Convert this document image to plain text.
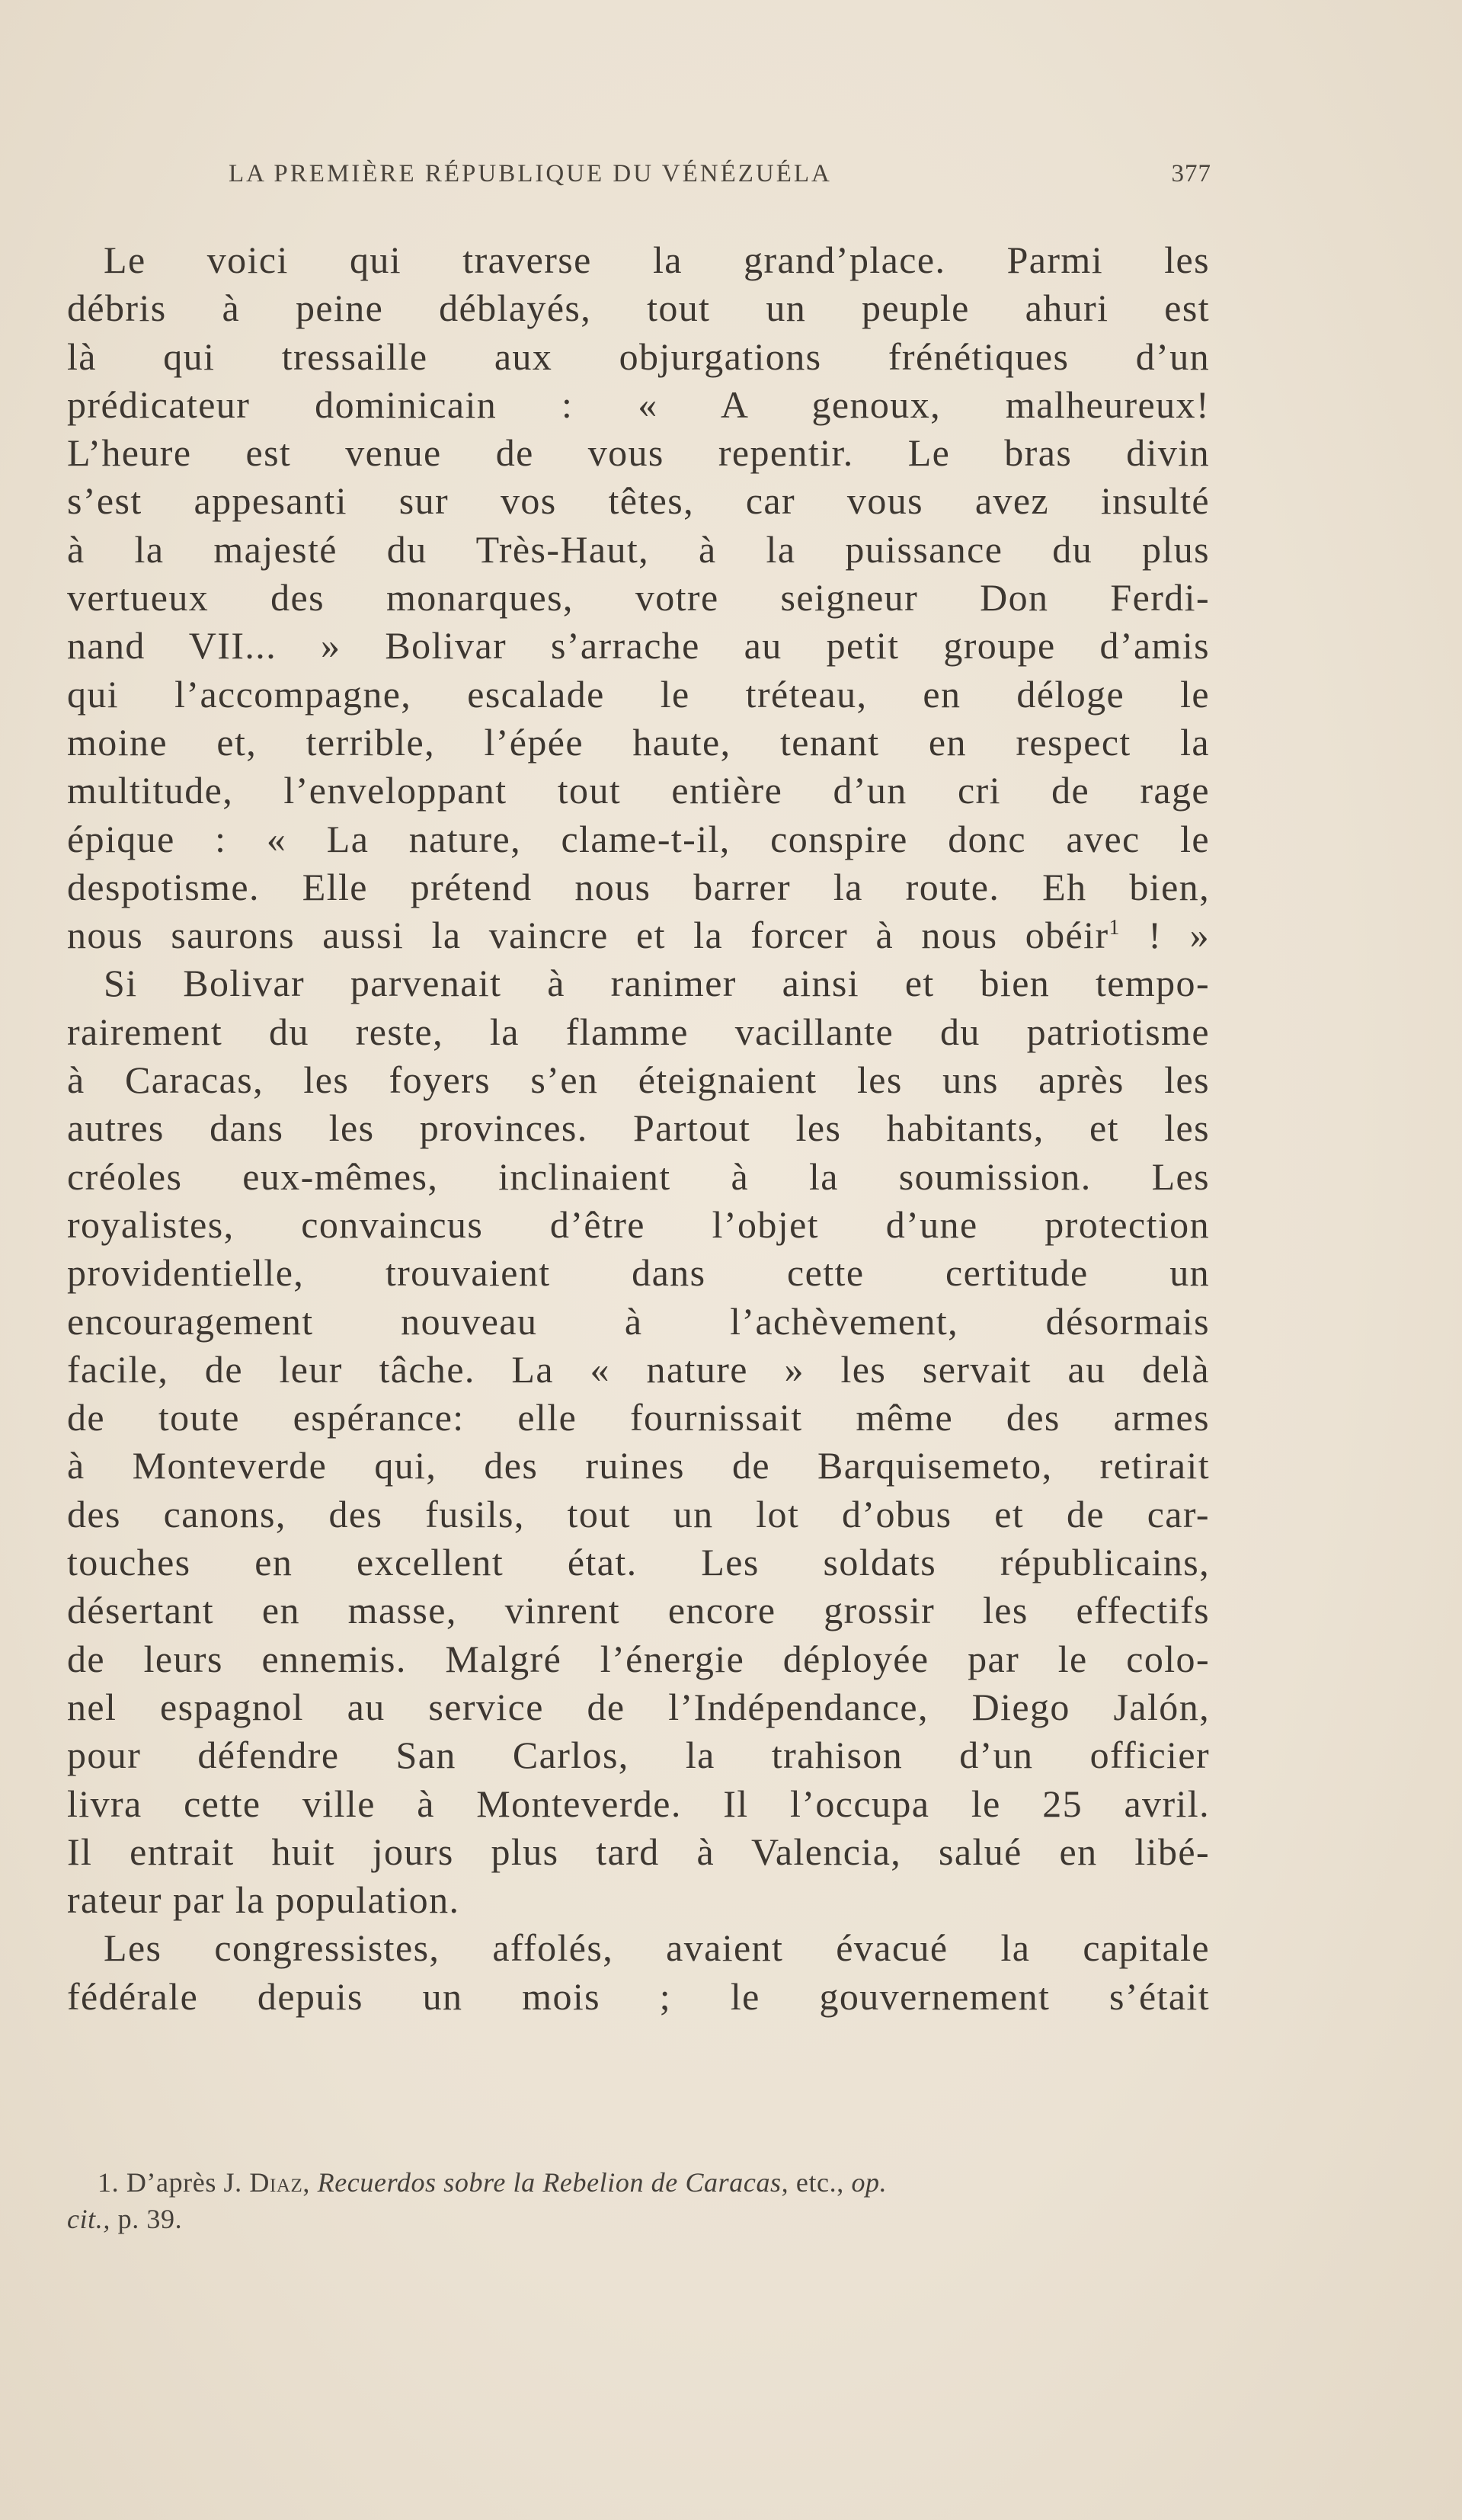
LA PREMIÈRE RÉPUBLIQUE DU VÉNÉZUÉLA	377
Le voici qui traverse la grand’place. Parmi les
débris à peine déblayés, tout un peuple ahuri est
là qui tressaille aux objurgations frénétiques d’un
prédicateur dominicain : « A genoux, malheureux!
L’heure est venue de vous repentir. Le bras divin
s’est appesanti sur vos têtes, car vous avez insulté
à la majesté du Très-Haut, à la puissance du plus
vertueux des monarques, votre seigneur Don Ferdi-
nand VII... » Bolivar s’arrache au petit groupe d’amis
qui l’accompagne, escalade le tréteau, en déloge le
moine et, terrible, l’épée haute, tenant en respect la
multitude, l’enveloppant tout entière d’un cri de rage
épique : « La nature, clame-t-il, conspire donc avec le
despotisme. Elle prétend nous barrer la route. Eh bien,
nous saurons aussi la vaincre et la forcer à nous obéir$^1$ ! »
Si Bolivar parvenait à ranimer ainsi et bien tempo-
rairement du reste, la flamme vacillante du patriotisme
à Caracas, les foyers s’en éteignaient les uns après les
autres dans les provinces. Partout les habitants, et les
créoles eux-mêmes, inclinaient à la soumission. Les
royalistes, convaincus d’être l’objet d’une protection
providentielle, trouvaient dans cette certitude un
encouragement nouveau à l’achèvement, désormais
facile, de leur tâche. La « nature » les servait au delà
de toute espérance: elle fournissait même des armes
à Monteverde qui, des ruines de Barquisemeto, retirait
des canons, des fusils, tout un lot d’obus et de car-
touches en excellent état. Les soldats républicains,
désertant en masse, vinrent encore grossir les effectifs
de leurs ennemis. Malgré l’énergie déployée par le colo-
nel espagnol au service de l’Indépendance, Diego Jalón,
pour défendre San Carlos, la trahison d’un officier
livra cette ville à Monteverde. Il l’occupa le 25 avril.
Il entrait huit jours plus tard à Valencia, salué en libé-
rateur par la population.
Les congressistes, affolés, avaient évacué la capitale
fédérale depuis un mois ; le gouvernement s’était
1. D’après J. Diaz, Recuerdos sobre la Rebelion de Caracas, etc., op.
cit., p. 39.
